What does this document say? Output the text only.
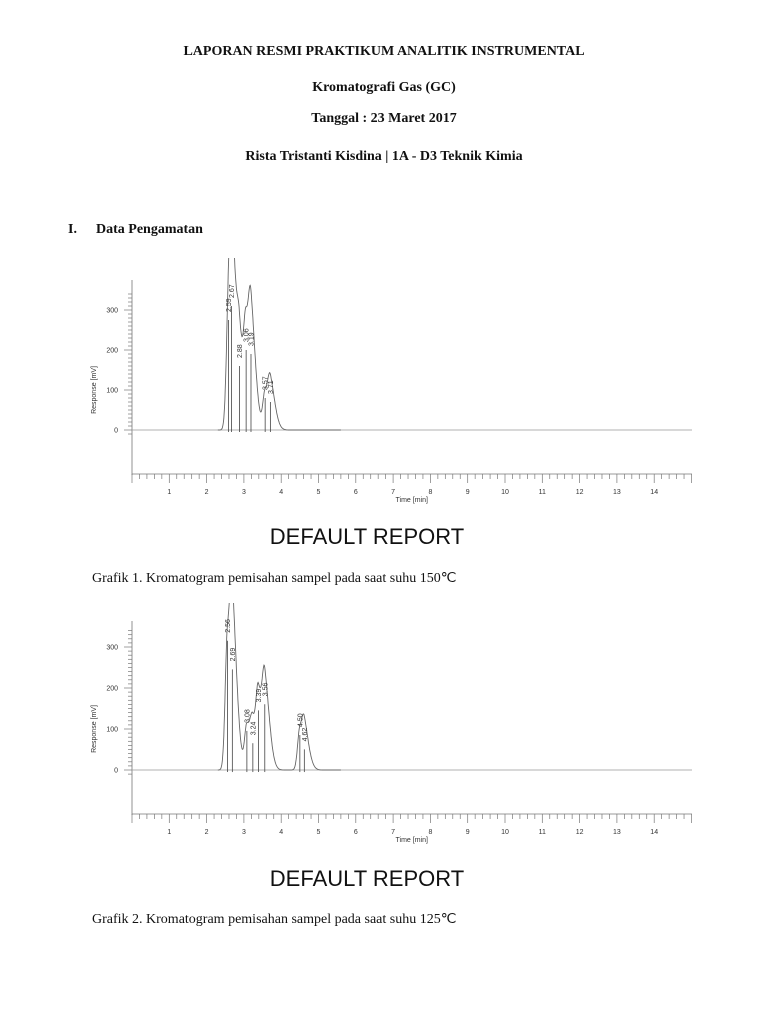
LAPORAN RESMI PRAKTIKUM ANALITIK INSTRUMENTAL
Kromatografi Gas (GC)
Tanggal : 23 Maret 2017
Rista Tristanti Kisdina | 1A - D3 Teknik Kimia
I. Data Pengamatan
0
100
200
300
Response [mV]
1	2	3	4	5	6	7	8	9	10	11	12	13	14
Time [min]
2.59
2.67
2.88
3.06
3.19
3.57
3.71
DEFAULT REPORT
Grafik 1. Kromatogram pemisahan sampel pada saat suhu 150℃
0
100
200
300
Response [mV]
1	2	3	4	5	6	7	8	9	10	11	12	13	14
Time [min]
2.56
2.69
3.08
3.24
3.39 3.56
4.50
4.62
DEFAULT REPORT
Grafik 2. Kromatogram pemisahan sampel pada saat suhu 125℃
